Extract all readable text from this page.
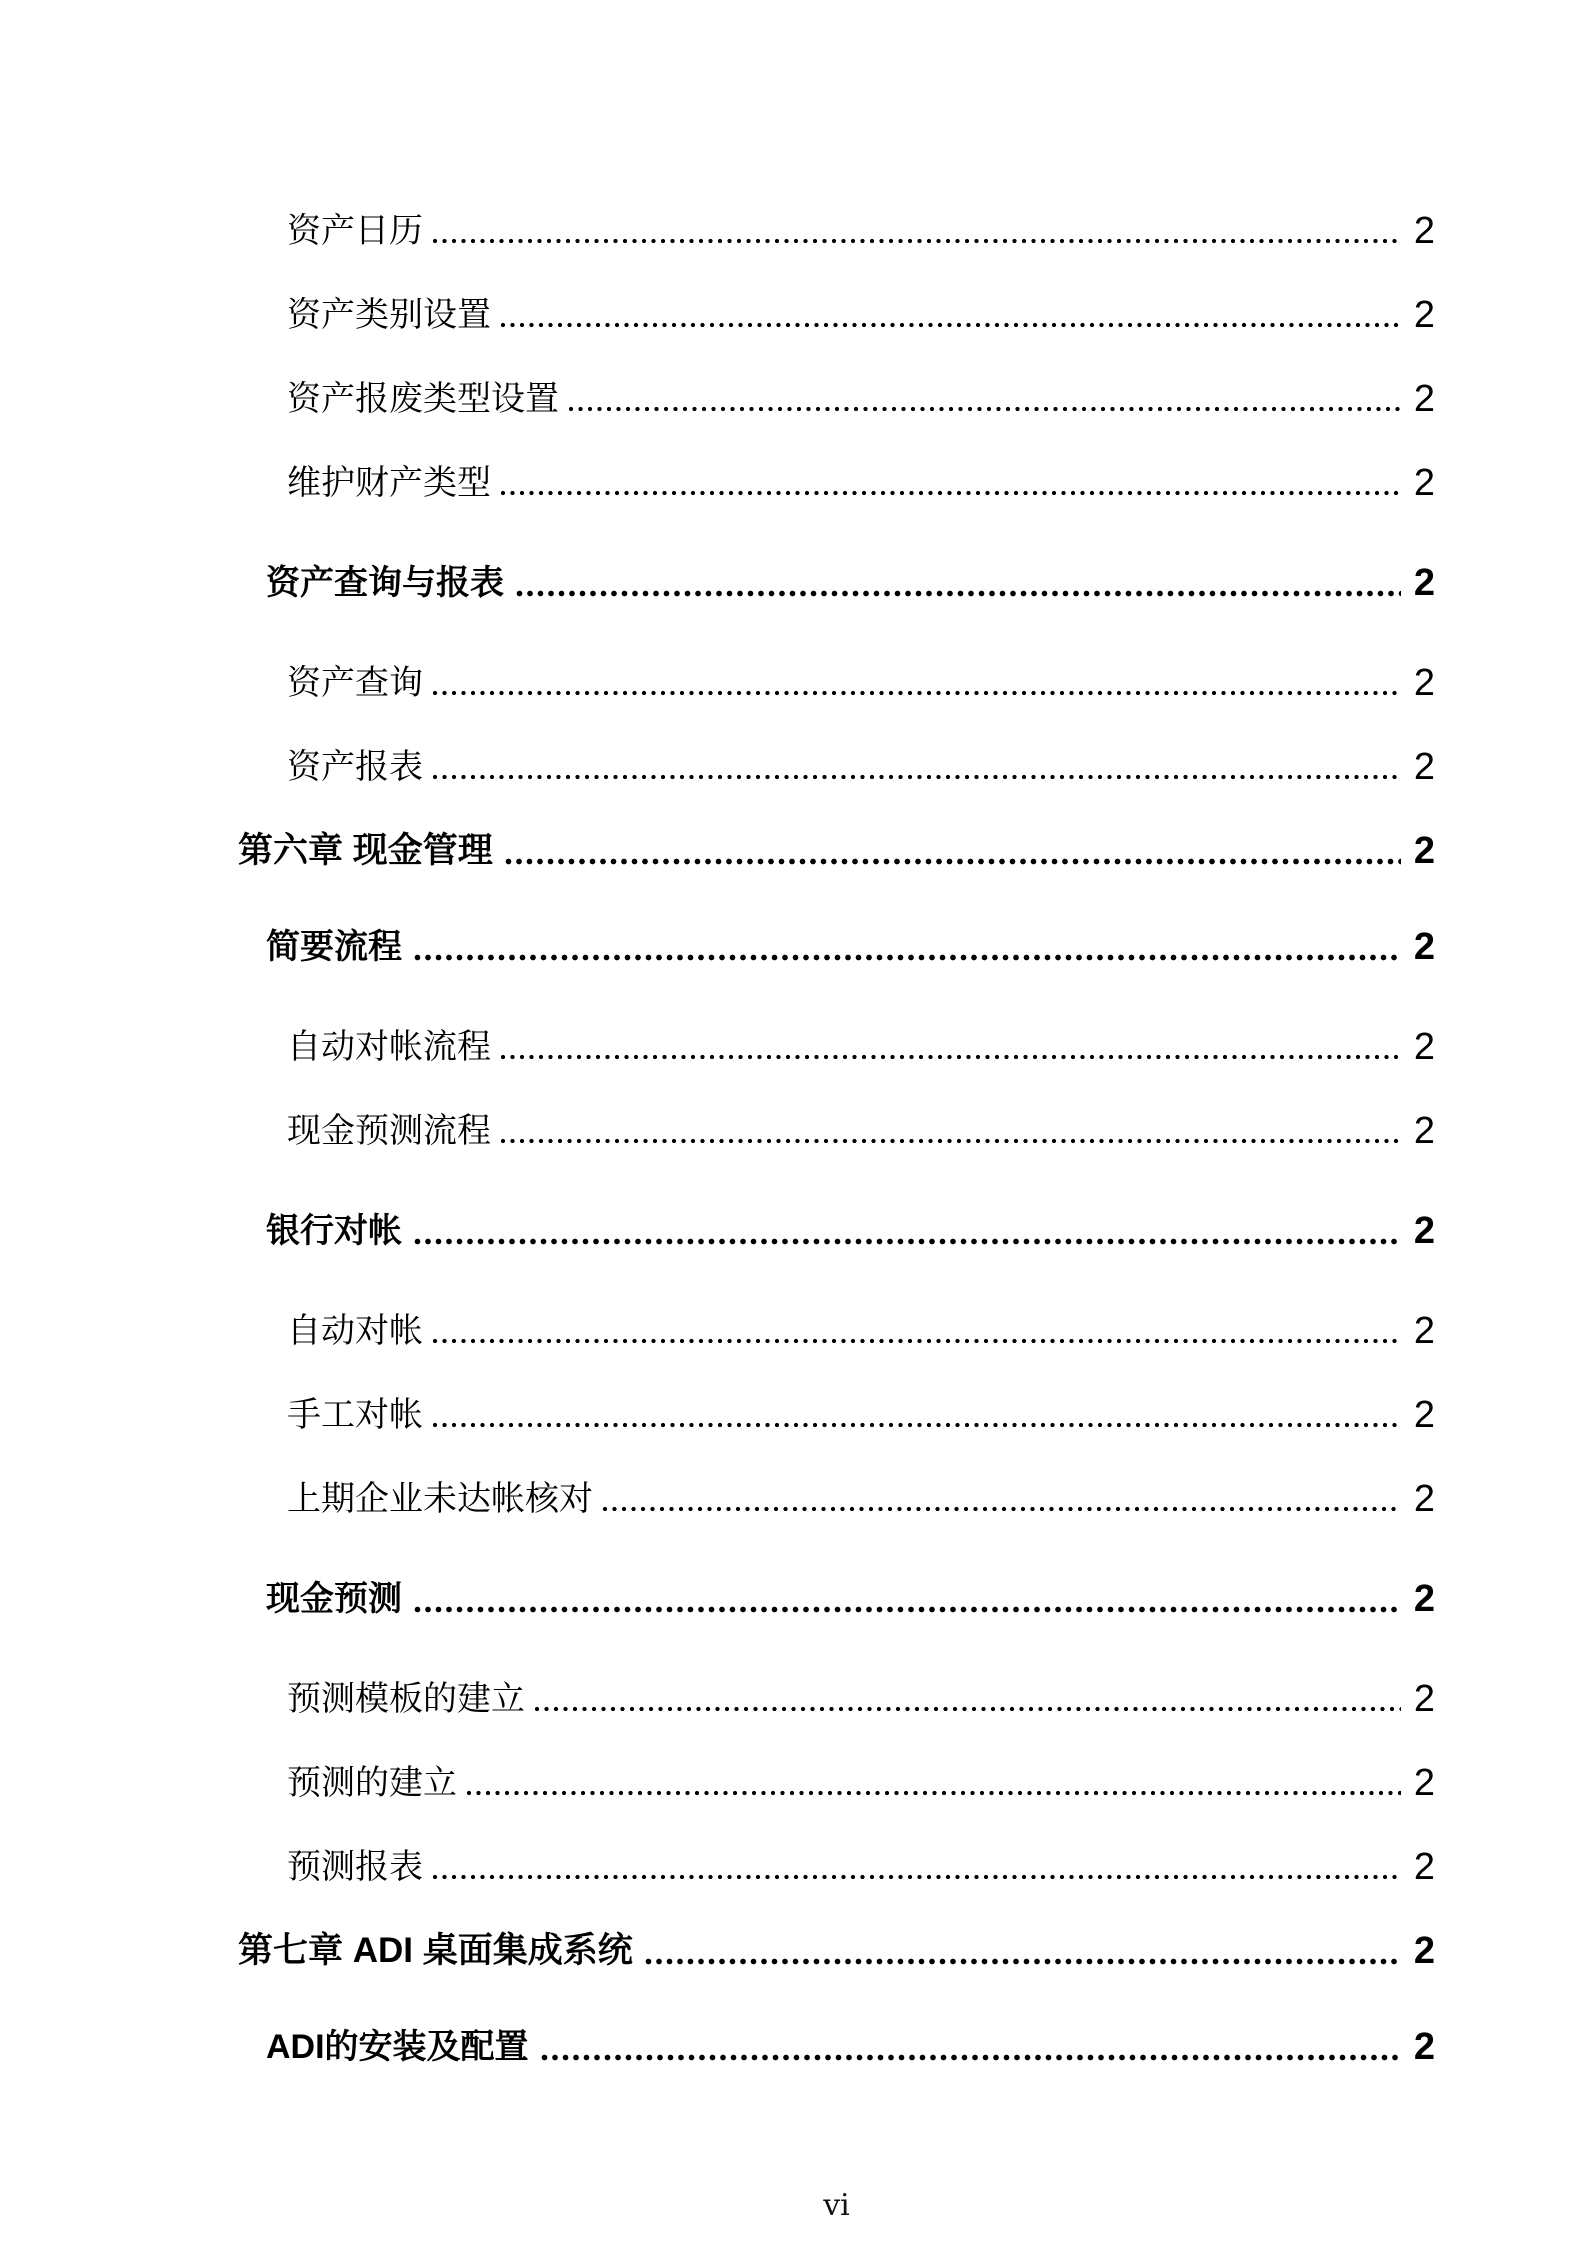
资产日历	2
资产类别设置	2
资产报废类型设置	2
维护财产类型	2
资产查询与报表	2
资产查询	2
资产报表	2
第六章 现金管理	2
简要流程	2
自动对帐流程	2
现金预测流程	2
银行对帐	2
自动对帐	2
手工对帐	2
上期企业未达帐核对	2
现金预测	2
预测模板的建立	2
预测的建立	2
预测报表	2
第七章 ADI 桌面集成系统	2
ADI的安装及配置	2
vi
